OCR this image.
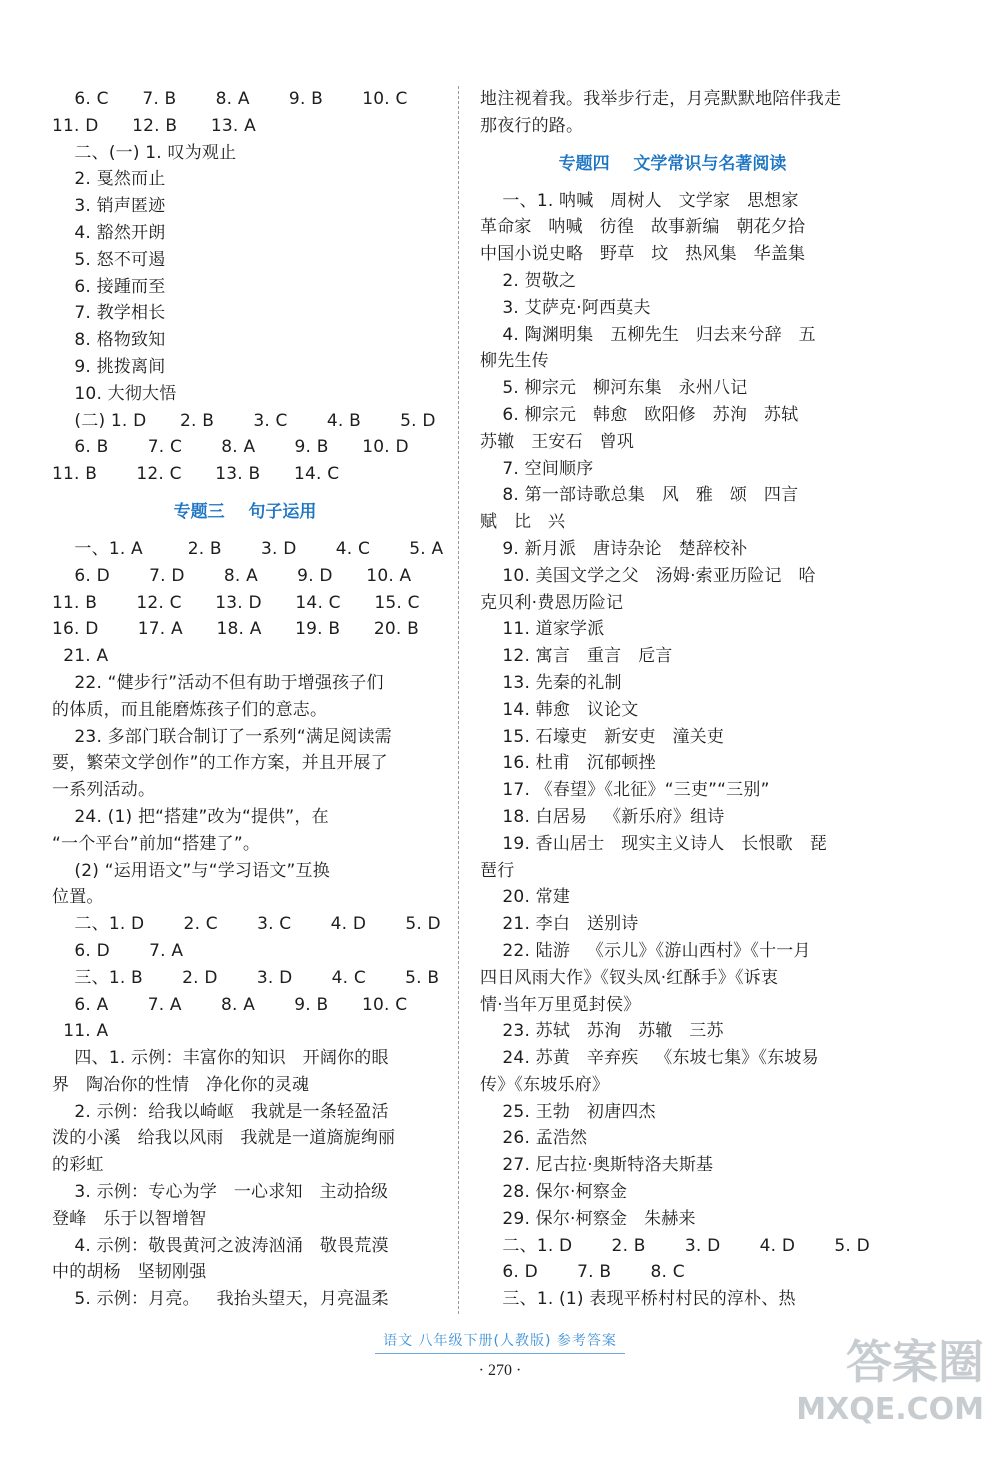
6. C      7. B       8. A       9. B       10. C
11. D      12. B      13. A
二、(一) 1. 叹为观止
2. 戛然而止
3. 销声匿迹
4. 豁然开朗
5. 怒不可遏
6. 接踵而至
7. 教学相长
8. 格物致知
9. 挑拨离间
10. 大彻大悟
(二) 1. D      2. B       3. C       4. B       5. D
6. B       7. C       8. A       9. B      10. D
11. B       12. C      13. B      14. C
专题三    句子运用
一、1. A        2. B       3. D       4. C       5. A
6. D       7. D       8. A       9. D      10. A
11. B       12. C      13. D      14. C      15. C
16. D       17. A      18. A      19. B      20. B
21. A
22. “健步行”活动不但有助于增强孩子们
的体质，而且能磨炼孩子们的意志。
23. 多部门联合制订了一系列“满足阅读需
要，繁荣文学创作”的工作方案，并且开展了
一系列活动。
24. (1) 把“搭建”改为“提供”，在
“一个平台”前加“搭建了”。
(2) “运用语文”与“学习语文”互换
位置。
二、1. D       2. C       3. C       4. D       5. D
6. D       7. A
三、1. B       2. D       3. D       4. C       5. B
6. A       7. A       8. A       9. B      10. C
11. A
四、1. 示例：丰富你的知识   开阔你的眼
界   陶冶你的性情   净化你的灵魂
2. 示例：给我以崎岖   我就是一条轻盈活
泼的小溪   给我以风雨   我就是一道旖旎绚丽
的彩虹
3. 示例：专心为学   一心求知   主动拾级
登峰   乐于以智增智
4. 示例：敬畏黄河之波涛汹涌   敬畏荒漠
中的胡杨   坚韧刚强
5. 示例：月亮。   我抬头望天，月亮温柔
地注视着我。我举步行走，月亮默默地陪伴我走
那夜行的路。
专题四    文学常识与名著阅读
一、1. 呐喊   周树人   文学家   思想家
革命家   呐喊   彷徨   故事新编   朝花夕拾
中国小说史略   野草   坟   热风集   华盖集
2. 贺敬之
3. 艾萨克·阿西莫夫
4. 陶渊明集   五柳先生   归去来兮辞   五
柳先生传
5. 柳宗元   柳河东集   永州八记
6. 柳宗元   韩愈   欧阳修   苏洵   苏轼
苏辙   王安石   曾巩
7. 空间顺序
8. 第一部诗歌总集   风   雅   颂   四言
赋   比   兴
9. 新月派   唐诗杂论   楚辞校补
10. 美国文学之父   汤姆·索亚历险记   哈
克贝利·费恩历险记
11. 道家学派
12. 寓言   重言   卮言
13. 先秦的礼制
14. 韩愈   议论文
15. 石壕吏   新安吏   潼关吏
16. 杜甫   沉郁顿挫
17. 《春望》《北征》“三吏”“三别”
18. 白居易   《新乐府》组诗
19. 香山居士   现实主义诗人   长恨歌   琵
琶行
20. 常建
21. 李白   送别诗
22. 陆游   《示儿》《游山西村》《十一月
四日风雨大作》《钗头凤·红酥手》《诉衷
情·当年万里觅封侯》
23. 苏轼   苏洵   苏辙   三苏
24. 苏黄   辛弃疾   《东坡七集》《东坡易
传》《东坡乐府》
25. 王勃   初唐四杰
26. 孟浩然
27. 尼古拉·奥斯特洛夫斯基
28. 保尔·柯察金
29. 保尔·柯察金   朱赫来
二、1. D       2. B       3. D       4. D       5. D
6. D       7. B       8. C
三、1. (1) 表现平桥村村民的淳朴、热
语文 八年级下册(人教版) 参考答案
· 270 ·	答案圈
MXQE.COM
